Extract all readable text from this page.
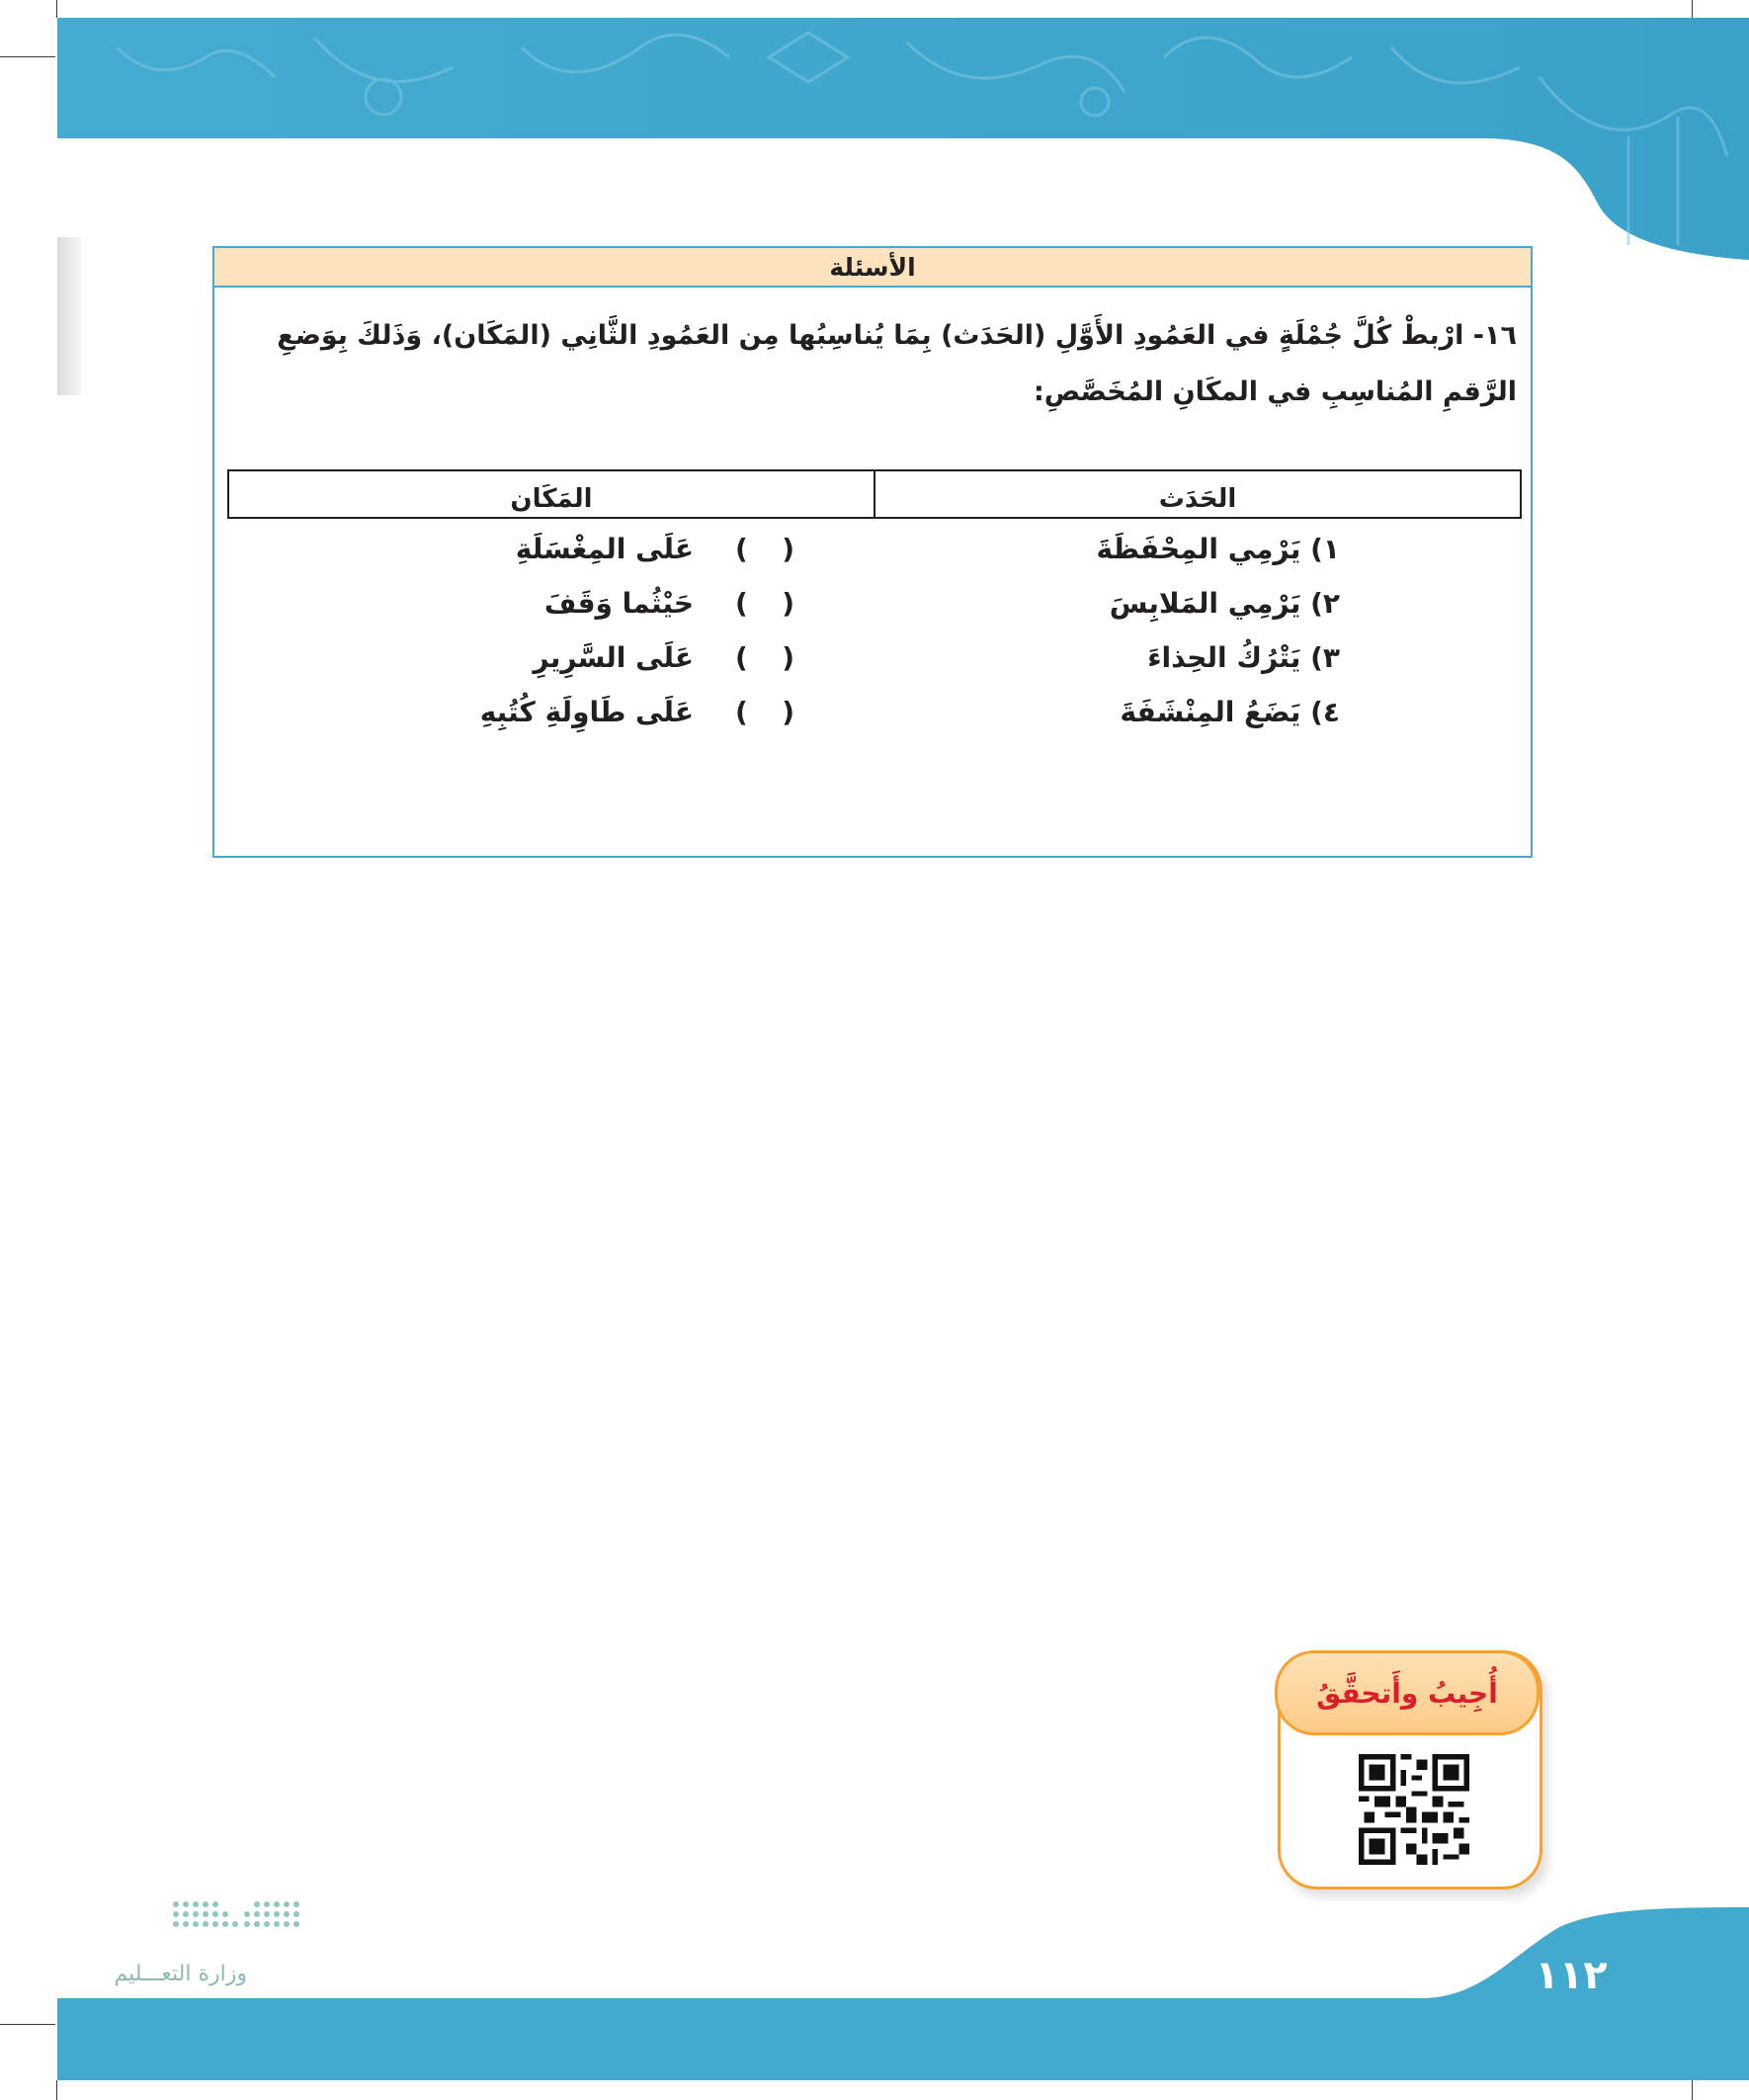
الأسئلة
١٦- ارْبطْ كُلَّ جُمْلَةٍ في العَمُودِ الأَوَّلِ (الحَدَث) بِمَا يُناسِبُها مِن العَمُودِ الثَّانِي (المَكَان)، وَذَلكَ بِوَضعِ
الرَّقمِ المُناسِبِ في المكَانِ المُخَصَّصِ:
الحَدَث
المَكَان
١) يَرْمِي المِحْفَظَةَ
٢) يَرْمِي المَلابِسَ
٣) يَتْرُكُ الحِذاءَ
٤) يَضَعُ المِنْشَفَةَ
(
)
عَلَى المِغْسَلَةِ
(
)
حَيْثُما وَقَفَ
(
)
عَلَى السَّرِيرِ
(
)
عَلَى طَاوِلَةِ كُتُبِهِ
أُجِيبُ وأَتحقَّقُ
١١٢
وزارة التعـــليم
